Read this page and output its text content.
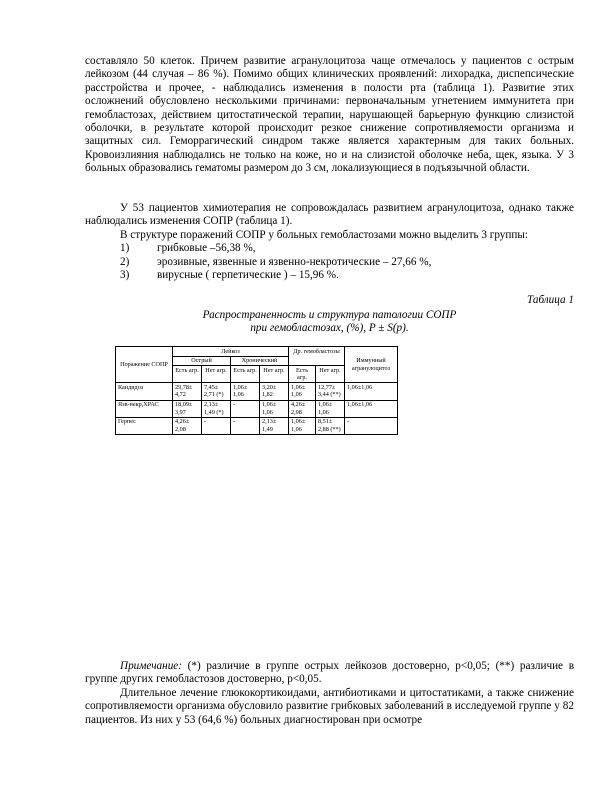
составляло 50 клеток. Причем развитие агранулоцитоза чаще отмечалось у пациентов с острым лейкозом (44 случая – 86 %). Помимо общих клинических проявлений: лихорадка, диспепсические расстройства и прочее, - наблюдались изменения в полости рта (таблица 1). Развитие этих осложнений обусловлено несколькими причинами: первоначальным угнетением иммунитета при гемобластозах, действием цитостатической терапии, нарушающей барьерную функцию слизистой оболочки, в результате которой происходит резкое снижение сопротивляемости организма и защитных сил. Геморрагический синдром также является характерным для таких больных. Кровоизлияния наблюдались не только на коже, но и на слизистой оболочке неба, щек, языка. У 3 больных образовались гематомы размером до 3 см, локализующиеся в подъязычной области.

У 53 пациентов химиотерапия не сопровождалась развитием агранулоцитоза, однако также наблюдались изменения СОПР (таблица 1).

В структуре поражений СОПР у больных гемобластозами можно выделить 3 группы:

1) грибковые –56,38 %,
2) эрозивные, язвенные и язвенно-некротические – 27,66 %,
3) вирусные ( герпетические ) – 15,96 %.
Таблица 1
Распространенность и структура патологии СОПР
при гемобластозах, (%), P ± S(p).
Поражение СОПР	Лейкоз				Др. гемобластозы		Иммунный агранулоцитоз
	Острый		Хронический				
	Есть агр.	Нет агр.	Есть агр.	Нет агр.	Есть агр.	Нет агр.	
Кандидоз	29,78± 4,72	7,45± 2,71 (*)	1,06± 1,06	3,20± 1,82	1,06± 1,06	12,77± 3,44 (**)	1,06±1,06
Язв-некр,ХРАС	18,09± 3,97	2,13± 1,49 (*)	-	1,06± 1,06	4,26± 2,08	1,06± 1,06	1,06±1,06
Герпес	4,26± 2,08	-	-	2,13± 1,49	1,06± 1,06	8,51± 2,88 (**)	-

Примечание: (*) различие в группе острых лейкозов достоверно, p<0,05; (**) различие в группе других гемобластозов достоверно, p<0,05.

Длительное лечение глюкокортикоидами, антибиотиками и цитостатиками, а также снижение сопротивляемости организма обусловило развитие грибковых заболеваний в исследуемой группе у 82 пациентов. Из них у 53 (64,6 %) больных диагностирован при осмотре
